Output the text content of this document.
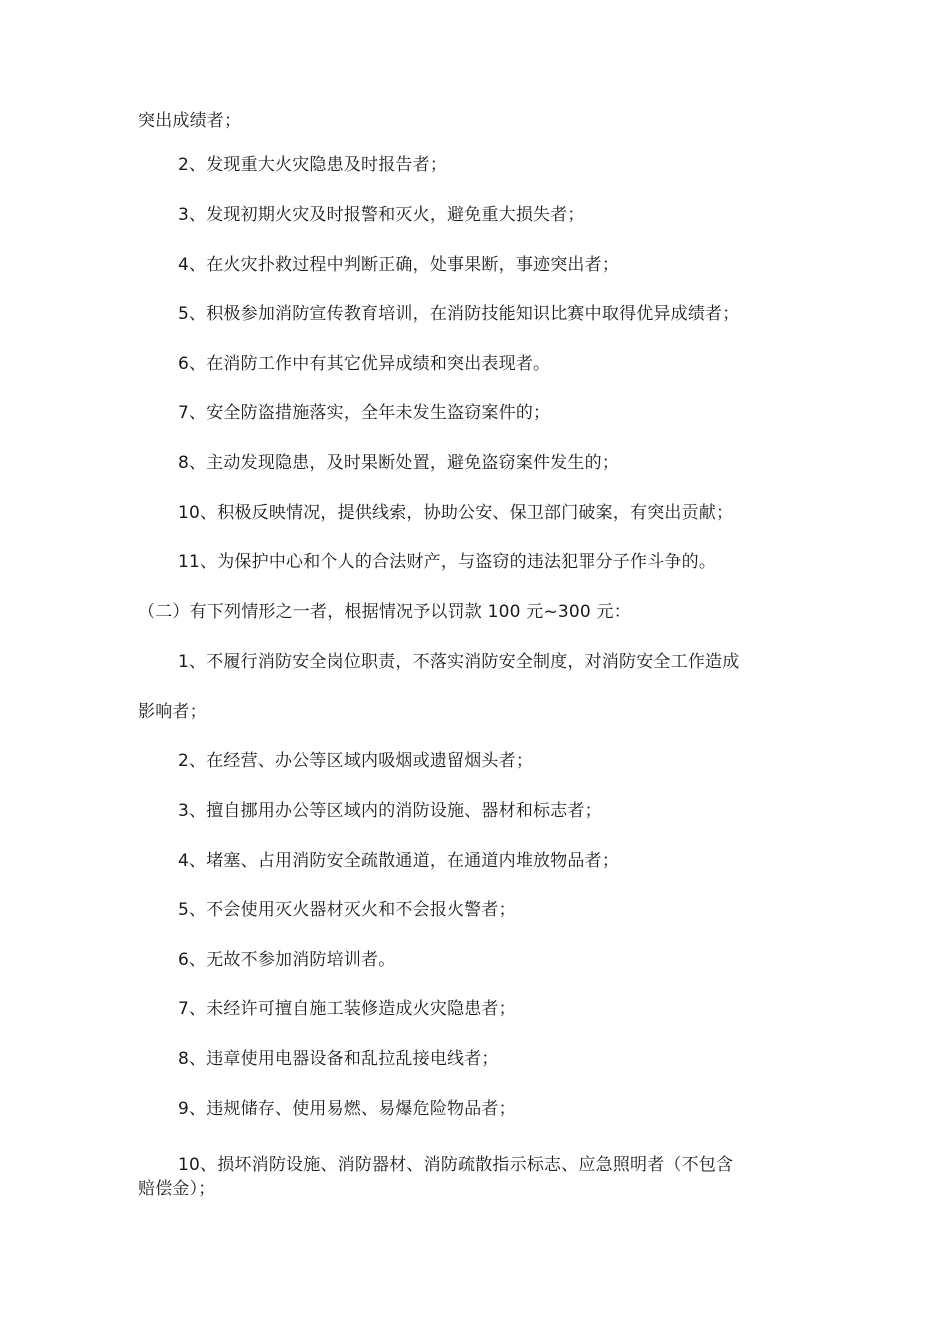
突出成绩者；
2、发现重大火灾隐患及时报告者；
3、发现初期火灾及时报警和灭火，避免重大损失者；
4、在火灾扑救过程中判断正确，处事果断，事迹突出者；
5、积极参加消防宣传教育培训，在消防技能知识比赛中取得优异成绩者；
6、在消防工作中有其它优异成绩和突出表现者。
7、安全防盗措施落实，全年未发生盗窃案件的；
8、主动发现隐患，及时果断处置，避免盗窃案件发生的；
10、积极反映情况，提供线索，协助公安、保卫部门破案，有突出贡献；
11、为保护中心和个人的合法财产，与盗窃的违法犯罪分子作斗争的。
（二）有下列情形之一者，根据情况予以罚款 100 元~300 元：
1、不履行消防安全岗位职责，不落实消防安全制度，对消防安全工作造成
影响者；
2、在经营、办公等区域内吸烟或遗留烟头者；
3、擅自挪用办公等区域内的消防设施、器材和标志者；
4、堵塞、占用消防安全疏散通道，在通道内堆放物品者；
5、不会使用灭火器材灭火和不会报火警者；
6、无故不参加消防培训者。
7、未经许可擅自施工装修造成火灾隐患者；
8、违章使用电器设备和乱拉乱接电线者；
9、违规储存、使用易燃、易爆危险物品者；
10、损坏消防设施、消防器材、消防疏散指示标志、应急照明者（不包含
赔偿金）；
